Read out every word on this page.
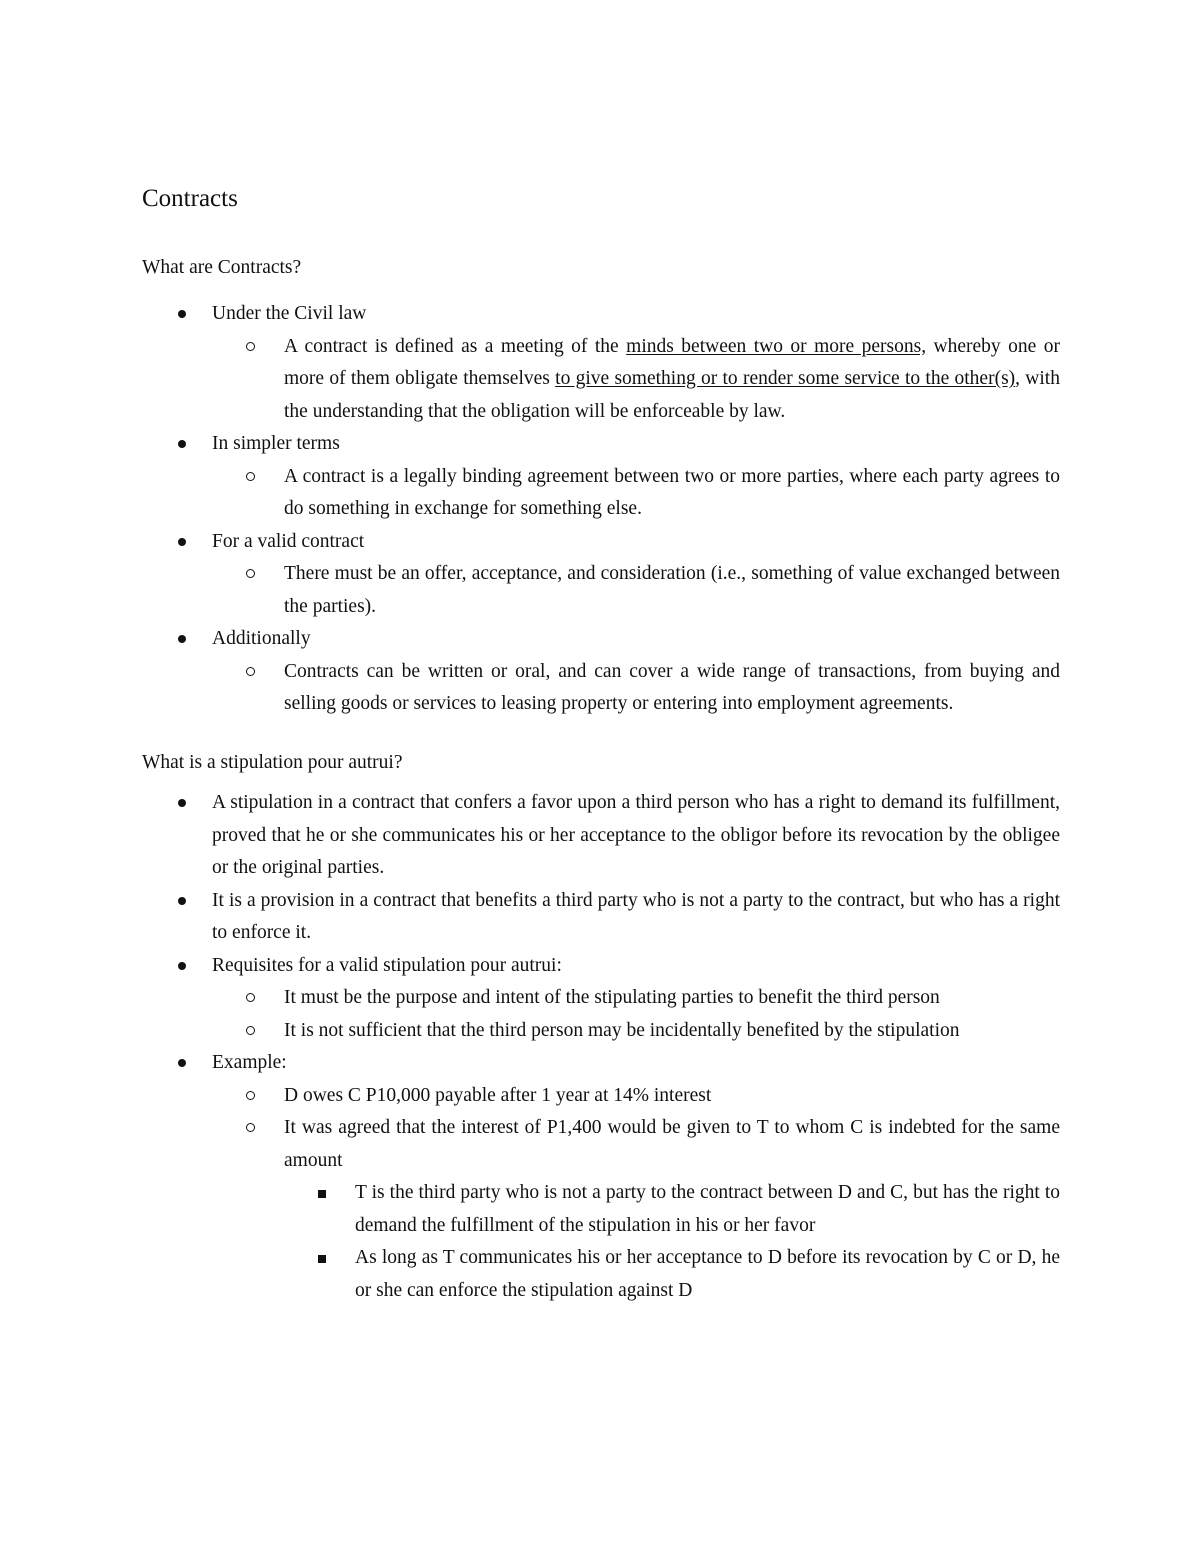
Contracts
What are Contracts?
Under the Civil law
A contract is defined as a meeting of the minds between two or more persons, whereby one or more of them obligate themselves to give something or to render some service to the other(s), with the understanding that the obligation will be enforceable by law.
In simpler terms
A contract is a legally binding agreement between two or more parties, where each party agrees to do something in exchange for something else.
For a valid contract
There must be an offer, acceptance, and consideration (i.e., something of value exchanged between the parties).
Additionally
Contracts can be written or oral, and can cover a wide range of transactions, from buying and selling goods or services to leasing property or entering into employment agreements.
What is a stipulation pour autrui?
A stipulation in a contract that confers a favor upon a third person who has a right to demand its fulfillment, proved that he or she communicates his or her acceptance to the obligor before its revocation by the obligee or the original parties.
It is a provision in a contract that benefits a third party who is not a party to the contract, but who has a right to enforce it.
Requisites for a valid stipulation pour autrui:
It must be the purpose and intent of the stipulating parties to benefit the third person
It is not sufficient that the third person may be incidentally benefited by the stipulation
Example:
D owes C P10,000 payable after 1 year at 14% interest
It was agreed that the interest of P1,400 would be given to T to whom C is indebted for the same amount
T is the third party who is not a party to the contract between D and C, but has the right to demand the fulfillment of the stipulation in his or her favor
As long as T communicates his or her acceptance to D before its revocation by C or D, he or she can enforce the stipulation against D
